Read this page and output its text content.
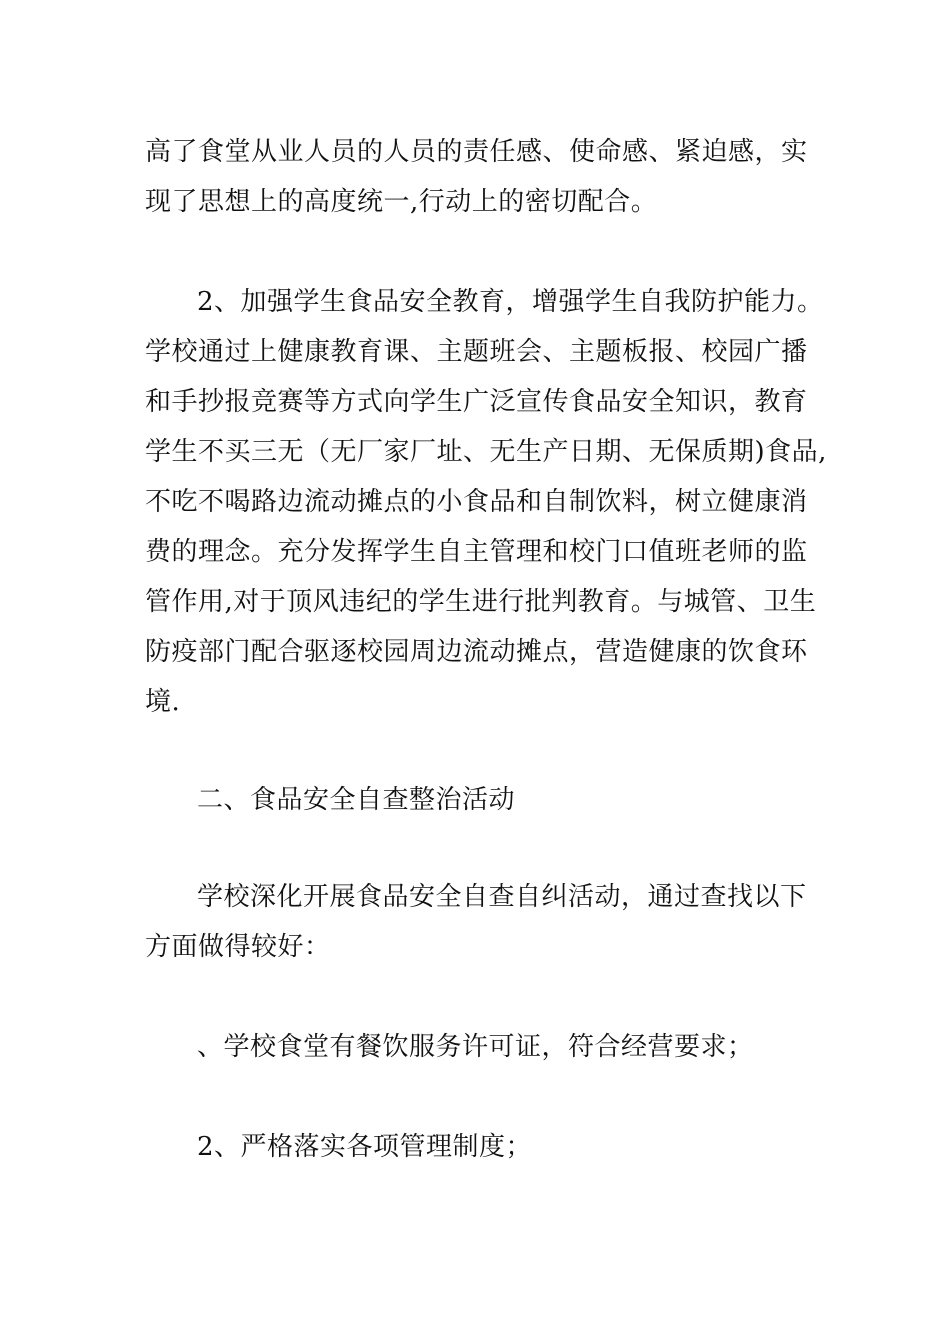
高了食堂从业人员的人员的责任感、使命感、紧迫感，实
现了思想上的高度统一,行动上的密切配合。
2、加强学生食品安全教育，增强学生自我防护能力。
学校通过上健康教育课、主题班会、主题板报、校园广播
和手抄报竞赛等方式向学生广泛宣传食品安全知识，教育
学生不买三无（无厂家厂址、无生产日期、无保质期)食品,
不吃不喝路边流动摊点的小食品和自制饮料，树立健康消
费的理念。充分发挥学生自主管理和校门口值班老师的监
管作用,对于顶风违纪的学生进行批判教育。与城管、卫生
防疫部门配合驱逐校园周边流动摊点，营造健康的饮食环
境.
二、食品安全自查整治活动
学校深化开展食品安全自查自纠活动，通过查找以下
方面做得较好：
、学校食堂有餐饮服务许可证，符合经营要求；
2、严格落实各项管理制度；
